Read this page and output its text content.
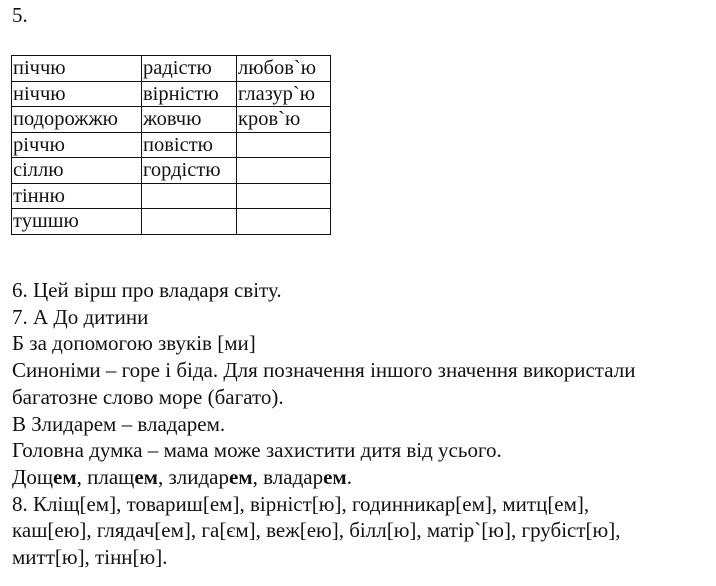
5.
піччю	радістю	любов`ю
ніччю	вірністю	глазур`ю
подорожжю	жовчю	кров`ю
річчю	повістю	
сіллю	гордістю	
тінню		
тушшю		
6. Цей вірш про владаря світу.
7. А До дитини
Б за допомогою звуків [ми]
Синоніми – горе і біда. Для позначення іншого значення використали
багатозне слово море (багато).
В Злидарем – владарем.
Головна думка – мама може захистити дитя від усього.
Дощем, плащем, злидарем, владарем.
8. Кліщ[ем], товариш[ем], вірніст[ю], годинникар[ем], митц[ем],
каш[ею], глядач[ем], га[єм], веж[ею], білл[ю], матір`[ю], грубіст[ю],
митт[ю], тінн[ю].
